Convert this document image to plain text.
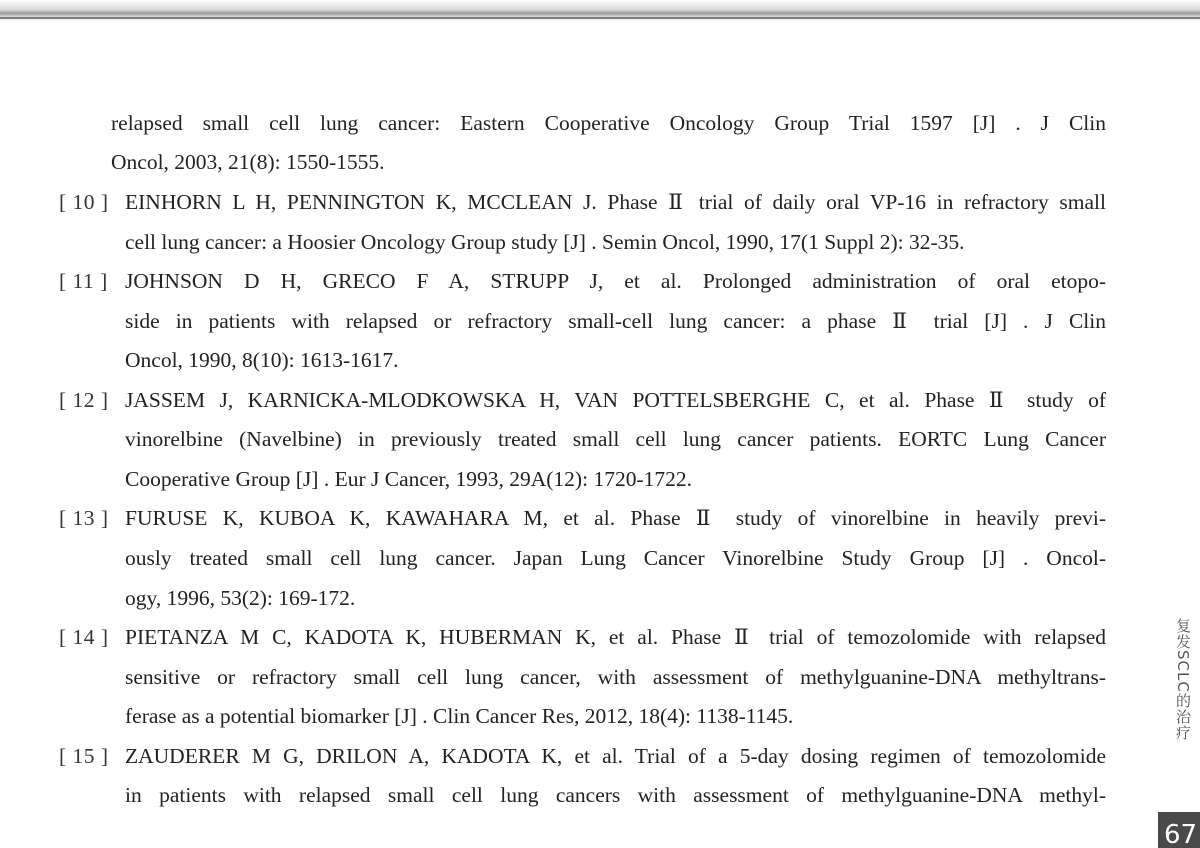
relapsed small cell lung cancer: Eastern Cooperative Oncology Group Trial 1597 [J] . J Clin
Oncol, 2003, 21(8): 1550-1555.
[ 10 ] EINHORN L H, PENNINGTON K, MCCLEAN J. Phase Ⅱ trial of daily oral VP-16 in refractory small
cell lung cancer: a Hoosier Oncology Group study [J] . Semin Oncol, 1990, 17(1 Suppl 2): 32-35.
[ 11 ] JOHNSON D H, GRECO F A, STRUPP J, et al. Prolonged administration of oral etopo-
side in patients with relapsed or refractory small-cell lung cancer: a phase Ⅱ trial [J] . J Clin
Oncol, 1990, 8(10): 1613-1617.
[ 12 ] JASSEM J, KARNICKA-MLODKOWSKA H, VAN POTTELSBERGHE C, et al. Phase Ⅱ study of
vinorelbine (Navelbine) in previously treated small cell lung cancer patients. EORTC Lung Cancer
Cooperative Group [J] . Eur J Cancer, 1993, 29A(12): 1720-1722.
[ 13 ] FURUSE K, KUBOA K, KAWAHARA M, et al. Phase Ⅱ study of vinorelbine in heavily previ-
ously treated small cell lung cancer. Japan Lung Cancer Vinorelbine Study Group [J] . Oncol-
ogy, 1996, 53(2): 169-172.
[ 14 ] PIETANZA M C, KADOTA K, HUBERMAN K, et al. Phase Ⅱ trial of temozolomide with relapsed
sensitive or refractory small cell lung cancer, with assessment of methylguanine-DNA methyltrans-
ferase as a potential biomarker [J] . Clin Cancer Res, 2012, 18(4): 1138-1145.
[ 15 ] ZAUDERER M G, DRILON A, KADOTA K, et al. Trial of a 5-day dosing regimen of temozolomide
in patients with relapsed small cell lung cancers with assessment of methylguanine-DNA methyl-
复发SCLC的治疗
67
